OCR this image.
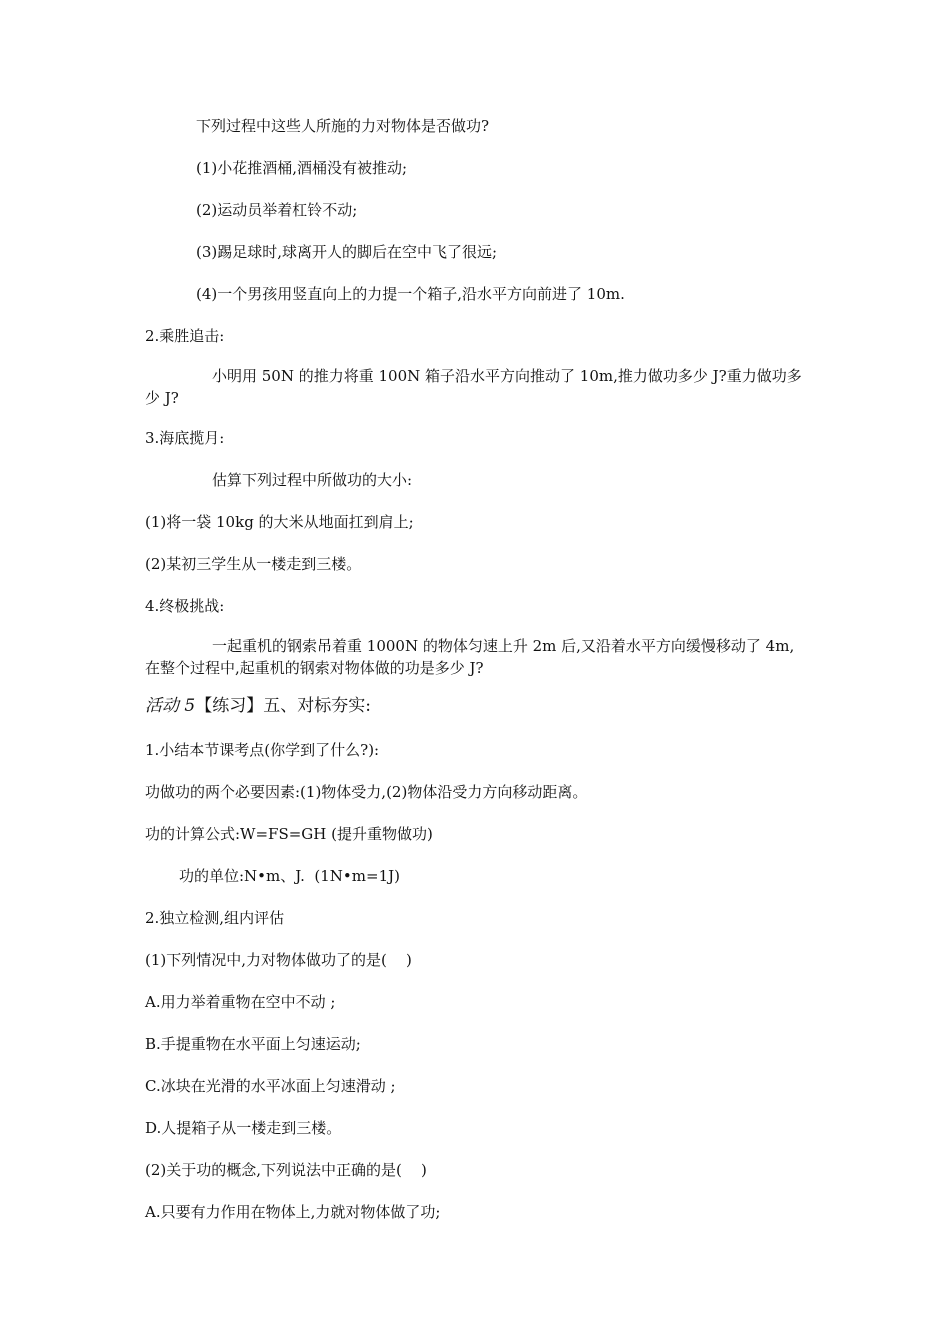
下列过程中这些人所施的力对物体是否做功?
(1)小花推酒桶,酒桶没有被推动;
(2)运动员举着杠铃不动;
(3)踢足球时,球离开人的脚后在空中飞了很远;
(4)一个男孩用竖直向上的力提一个箱子,沿水平方向前进了 10m.
2.乘胜追击:
小明用 50N 的推力将重 100N 箱子沿水平方向推动了 10m,推力做功多少 J?重力做功多少 J?
3.海底揽月:
估算下列过程中所做功的大小:
(1)将一袋 10kg 的大米从地面扛到肩上;
(2)某初三学生从一楼走到三楼。
4.终极挑战:
一起重机的钢索吊着重 1000N 的物体匀速上升 2m 后,又沿着水平方向缓慢移动了 4m,在整个过程中,起重机的钢索对物体做的功是多少 J?
活动 5【练习】五、对标夯实:
1.小结本节课考点(你学到了什么?):
功做功的两个必要因素:(1)物体受力,(2)物体沿受力方向移动距离。
功的计算公式:W=FS=GH (提升重物做功)
功的单位:N•m、J.  (1N•m=1J)
2.独立检测,组内评估
(1)下列情况中,力对物体做功了的是(    )
A.用力举着重物在空中不动 ;
B.手提重物在水平面上匀速运动;
C.冰块在光滑的水平冰面上匀速滑动 ;
D.人提箱子从一楼走到三楼。
(2)关于功的概念,下列说法中正确的是(    )
A.只要有力作用在物体上,力就对物体做了功;
